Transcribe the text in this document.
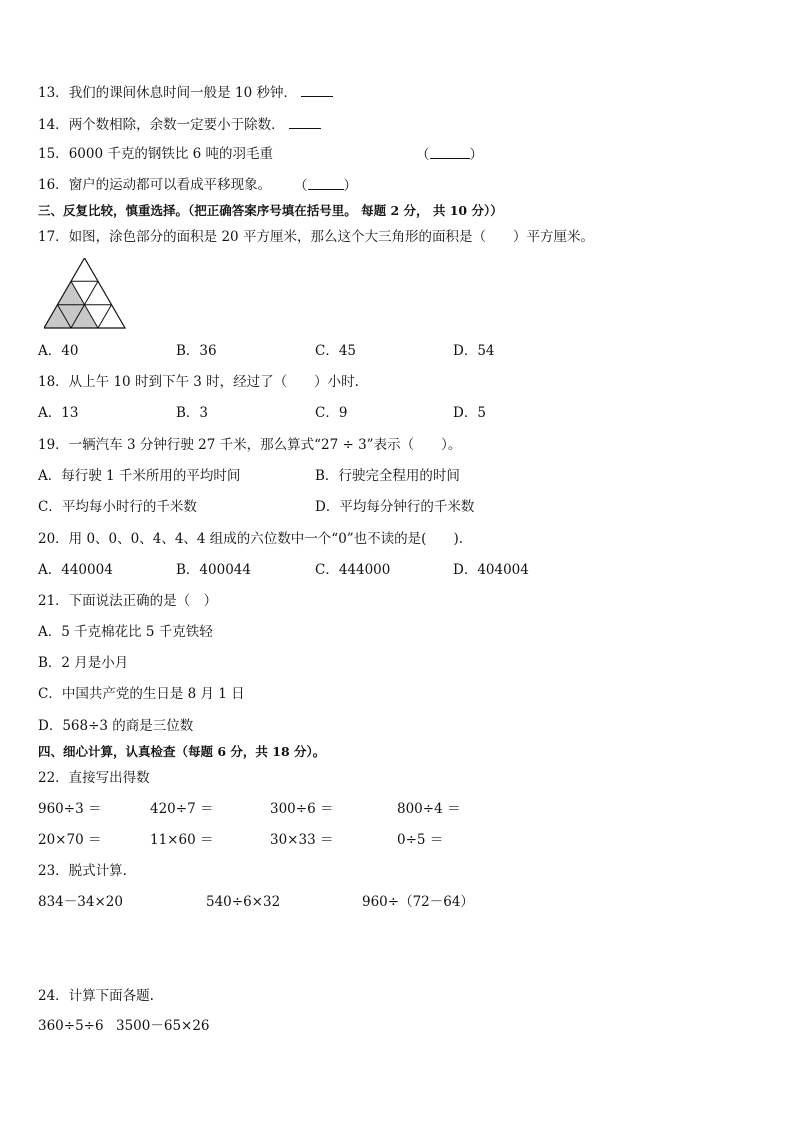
13．我们的课间休息时间一般是 10 秒钟．
14．两个数相除，余数一定要小于除数．
15．6000 千克的钢铁比 6 吨的羽毛重	（	）
16．窗户的运动都可以看成平移现象。 （	）
三、反复比较，慎重选择。（把正确答案序号填在括号里。 每题 2 分， 共 10 分））
17．如图，涂色部分的面积是 20 平方厘米，那么这个大三角形的面积是（　　）平方厘米。
A．40	B．36	C．45	D．54
18．从上午 10 时到下午 3 时，经过了（　　）小时.
A．13	B．3	C．9	D．5
19．一辆汽车 3 分钟行驶 27 千米，那么算式“27 ÷ 3”表示（　　）。
A．每行驶 1 千米所用的平均时间	B．行驶完全程用的时间
C．平均每小时行的千米数	D．平均每分钟行的千米数
20．用 0、0、0、4、4、4 组成的六位数中一个“0”也不读的是(　　).
A．440004	B．400044	C．444000	D．404004
21．下面说法正确的是（　）
A．5 千克棉花比 5 千克铁轻
B．2 月是小月
C．中国共产党的生日是 8 月 1 日
D．568÷3 的商是三位数
四、细心计算，认真检查（每题 6 分，共 18 分）。
22．直接写出得数
960÷3 ＝	420÷7 ＝	300÷6 ＝	800÷4 ＝
20×70 ＝	11×60 ＝	30×33 ＝	0÷5 ＝
23．脱式计算.
834－34×20	540÷6×32	960÷（72－64）
24．计算下面各题.
360÷5÷6 3500－65×26
